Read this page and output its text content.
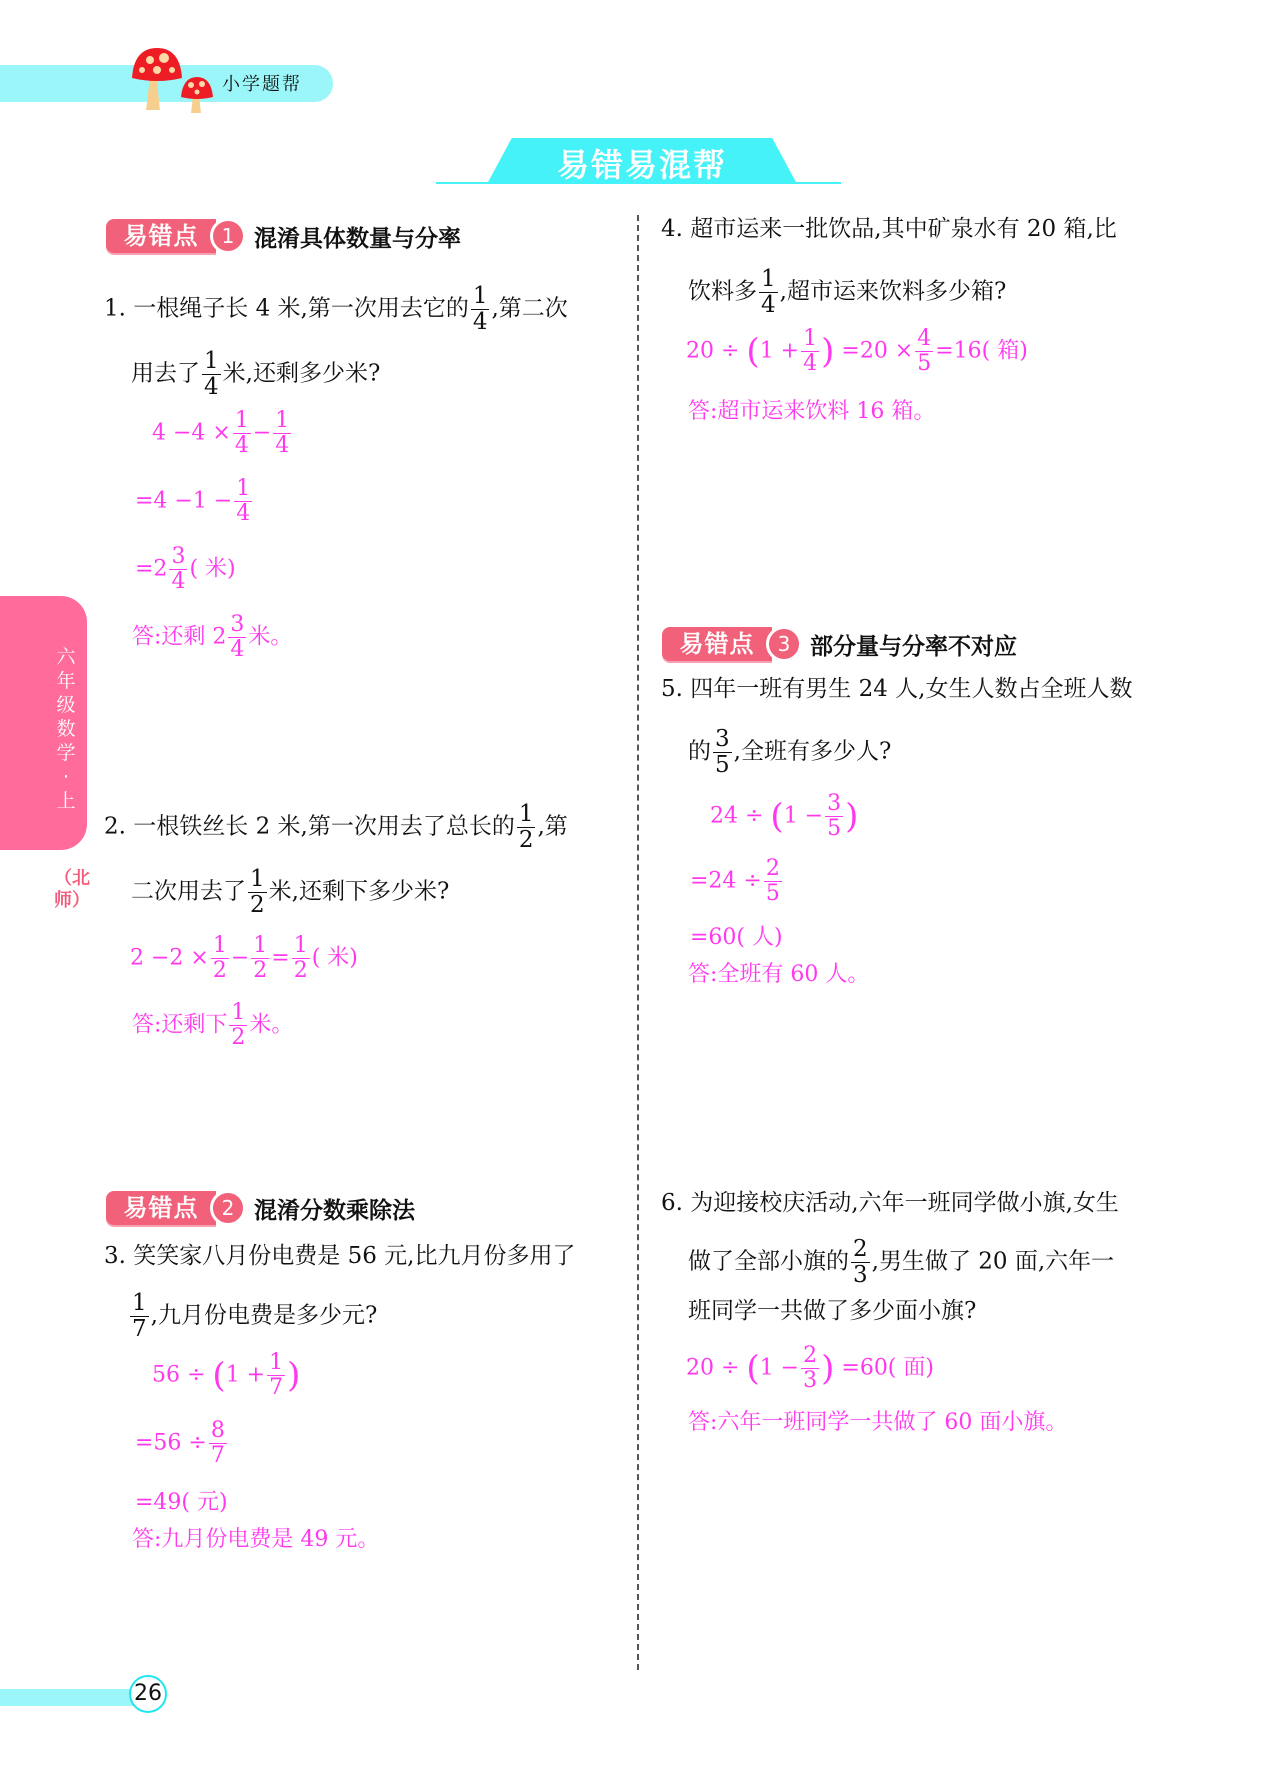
小学题帮
易错易混帮
六年级数学·上
（北师）
易错点	1 混淆具体数量与分率
1. 一根绳子长 4 米,第一次用去它的 $\frac{1}{4}$ ,第二次
用去了 $\frac{1}{4}$ 米,还剩多少米?
$4 -4 \times \frac{1}{4} - \frac{1}{4}$
$=4 -1 - \frac{1}{4}$
$=2 \frac{3}{4}$ ( 米)
答:还剩 $2 \frac{3}{4}$ 米。
2. 一根铁丝长 2 米,第一次用去了总长的 $\frac{1}{2}$ ,第
二次用去了 $\frac{1}{2}$ 米,还剩下多少米?
$2 -2 \times \frac{1}{2} - \frac{1}{2} = \frac{1}{2}$ ( 米)
答:还剩下 $\frac{1}{2}$ 米。
易错点	2 混淆分数乘除法
3. 笑笑家八月份电费是 56 元,比九月份多用了
$\frac{1}{7}$ ,九月份电费是多少元?
$56 \div (1 + \frac{1}{7}$ )
$=56 \div \frac{8}{7}$
=49( 元)
答:九月份电费是 49 元。
4. 超市运来一批饮品,其中矿泉水有 20 箱,比
饮料多 $\frac{1}{4}$ ,超市运来饮料多少箱?
$20 \div (1 + \frac{1}{4}$ ) $=20 \times \frac{4}{5} =16$( 箱)
答:超市运来饮料 16 箱。
易错点	3 部分量与分率不对应
5. 四年一班有男生 24 人,女生人数占全班人数
的 $\frac{3}{5}$ ,全班有多少人?
$24 \div (1 - \frac{3}{5}$ )
$=24 \div \frac{2}{5}$
=60( 人)
答:全班有 60 人。
6. 为迎接校庆活动,六年一班同学做小旗,女生
做了全部小旗的 $\frac{2}{3}$ ,男生做了 20 面,六年一
班同学一共做了多少面小旗?
$20 \div (1 - \frac{2}{3}$ ) =60( 面)
答:六年一班同学一共做了 60 面小旗。
26
